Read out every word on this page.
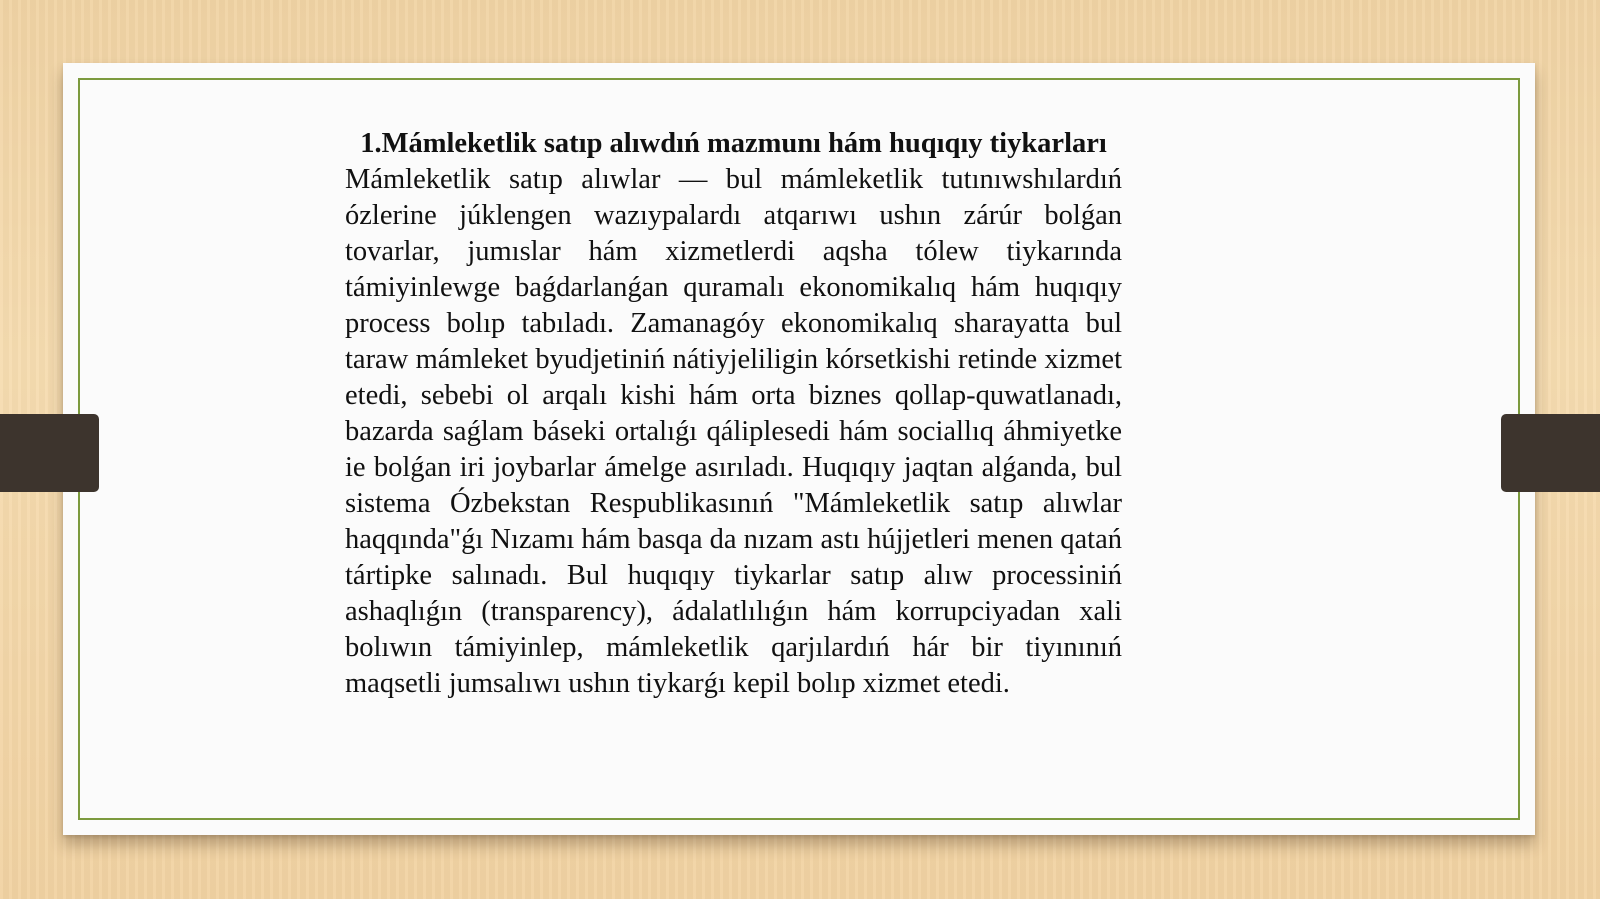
1.Mámleketlik satıp alıwdıń mazmunı hám huqıqıy tiykarları

Mámleketlik satıp alıwlar — bul mámleketlik tutınıwshılardıń ózlerine júklengen wazıypalardı atqarıwı ushın zárúr bolǵan tovarlar, jumıslar hám xizmetlerdi aqsha tólew tiykarında támiyinlewge baǵdarlanǵan quramalı ekonomikalıq hám huqıqıy process bolıp tabıladı. Zamanagóy ekonomikalıq sharayatta bul taraw mámleket byudjetiniń nátiyjeliligin kórsetkishi retinde xizmet etedi, sebebi ol arqalı kishi hám orta biznes qollap-quwatlanadı, bazarda saǵlam báseki ortalıǵı qáliplesedi hám sociallıq áhmiyetke ie bolǵan iri joybarlar ámelge asırıladı. Huqıqıy jaqtan alǵanda, bul sistema Ózbekstan Respublikasınıń "Mámleketlik satıp alıwlar haqqında"ǵı Nızamı hám basqa da nızam astı hújjetleri menen qatań tártipke salınadı. Bul huqıqıy tiykarlar satıp alıw processiniń ashaqlıǵın (transparency), ádalatlılıǵın hám korrupciyadan xali bolıwın támiyinlep, mámleketlik qarjılardıń hár bir tiyınınıń maqsetli jumsalıwı ushın tiykarǵı kepil bolıp xizmet etedi.
